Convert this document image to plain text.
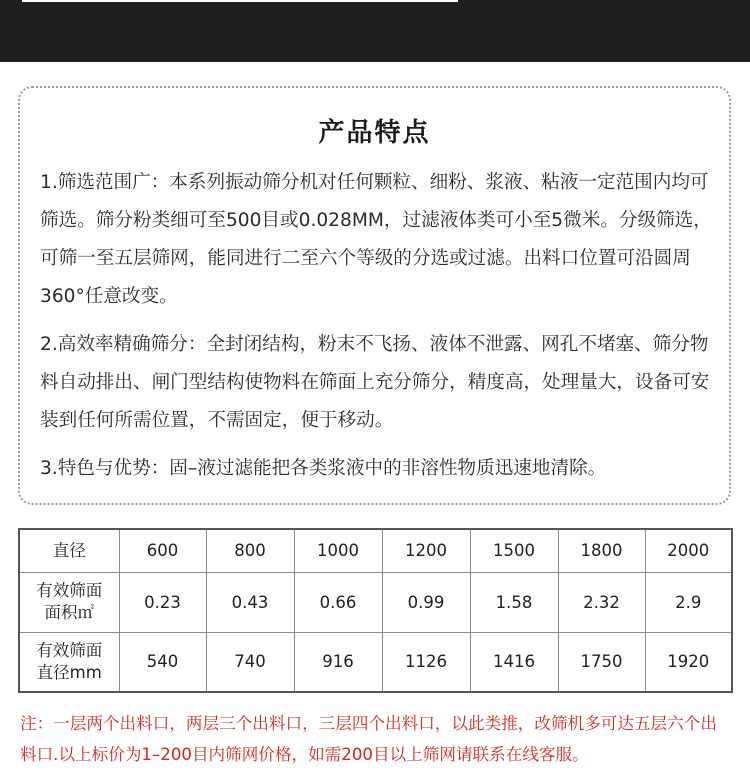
产品特点

1.筛选范围广：本系列振动筛分机对任何颗粒、细粉、浆液、粘液一定范围内均可筛选。筛分粉类细可至500目或0.028MM，过滤液体类可小至5微米。分级筛选，可筛一至五层筛网，能同进行二至六个等级的分选或过滤。出料口位置可沿圆周360°任意改变。

2.高效率精确筛分：全封闭结构，粉末不飞扬、液体不泄露、网孔不堵塞、筛分物料自动排出、闸门型结构使物料在筛面上充分筛分，精度高，处理量大，设备可安装到任何所需位置，不需固定，便于移动。

3.特色与优势：固–液过滤能把各类浆液中的非溶性物质迅速地清除。

直径	600	800	1000	1200	1500	1800	2000
有效筛面
面积㎡	0.23	0.43	0.66	0.99	1.58	2.32	2.9
有效筛面
直径mm	540	740	916	1126	1416	1750	1920
注：一层两个出料口，两层三个出料口，三层四个出料口，以此类推，改筛机多可达五层六个出料口.以上标价为1–200目内筛网价格，如需200目以上筛网请联系在线客服。
